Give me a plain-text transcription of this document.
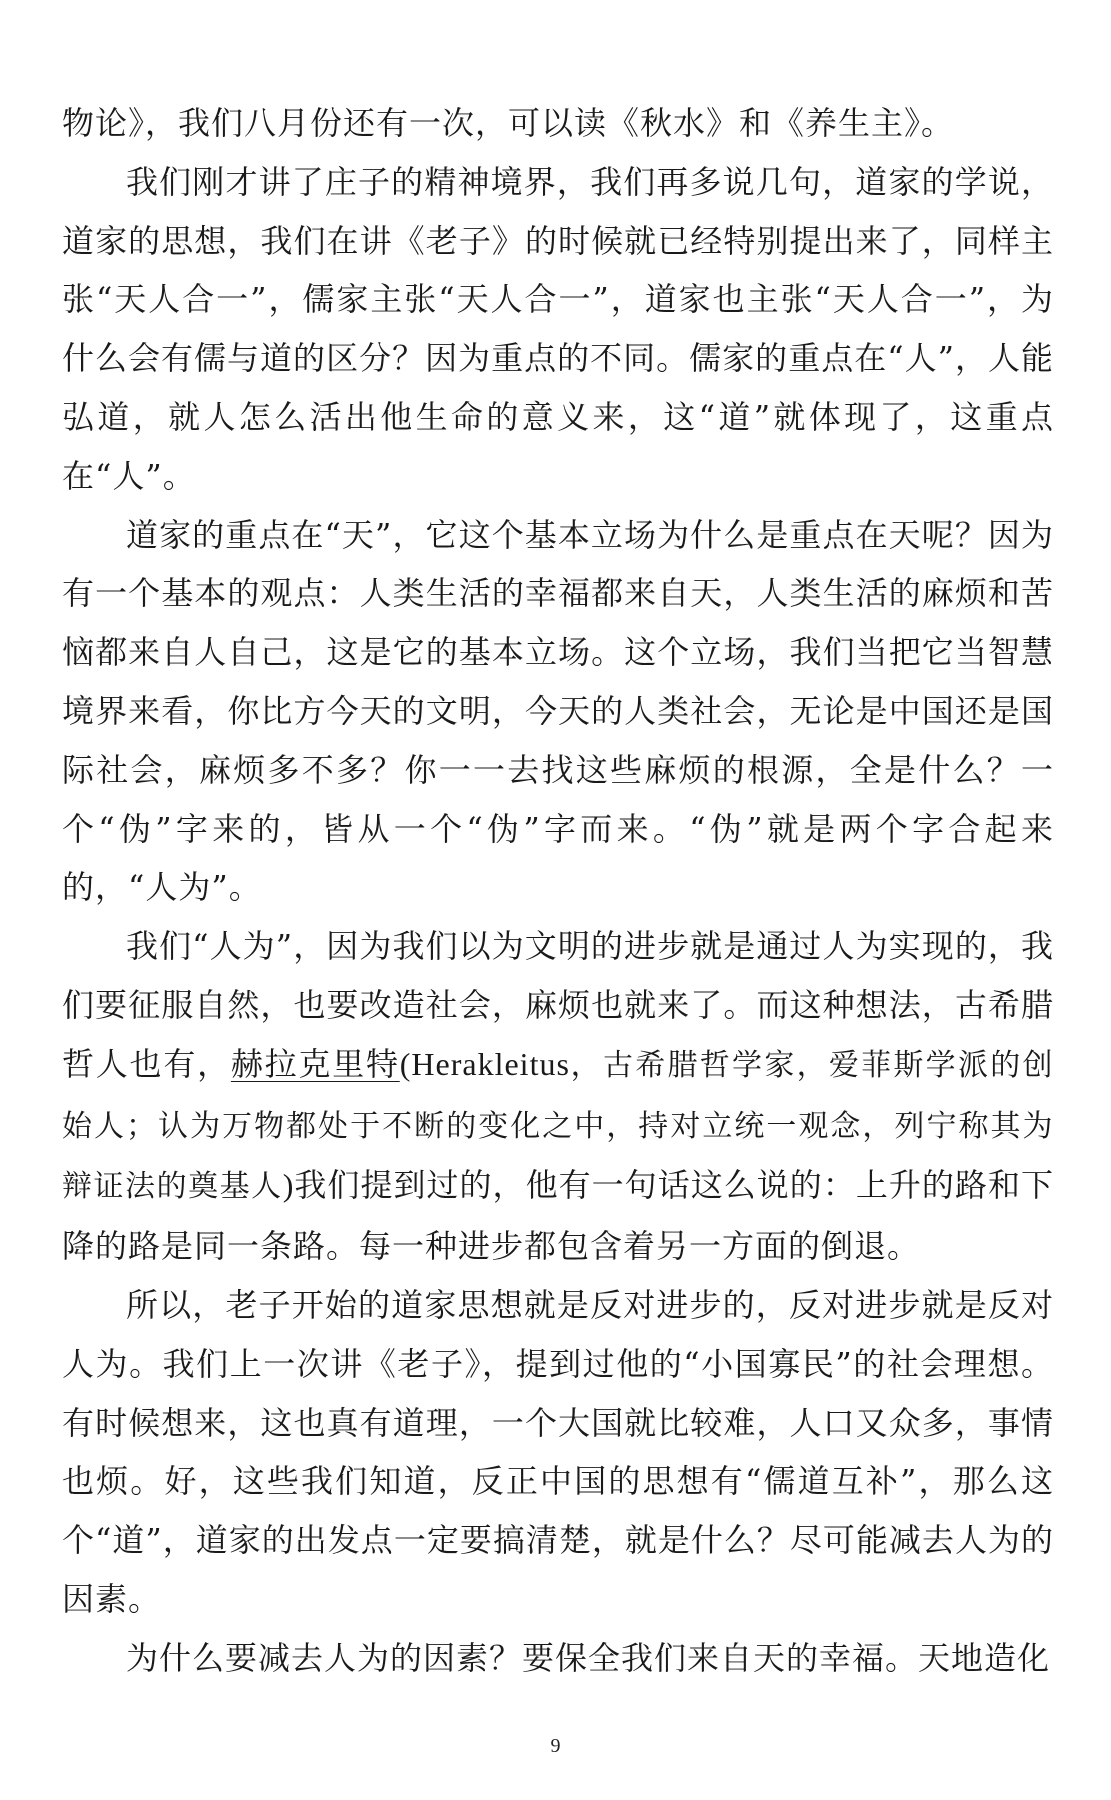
物论》，我们八月份还有一次，可以读《秋水》和《养生主》。

我们刚才讲了庄子的精神境界，我们再多说几句，道家的学说，道家的思想，我们在讲《老子》的时候就已经特别提出来了，同样主张“天人合一”，儒家主张“天人合一”，道家也主张“天人合一”，为什么会有儒与道的区分？因为重点的不同。儒家的重点在“人”，人能弘道，就人怎么活出他生命的意义来，这“道”就体现了，这重点在“人”。

道家的重点在“天”，它这个基本立场为什么是重点在天呢？因为有一个基本的观点：人类生活的幸福都来自天，人类生活的麻烦和苦恼都来自人自己，这是它的基本立场。这个立场，我们当把它当智慧境界来看，你比方今天的文明，今天的人类社会，无论是中国还是国际社会，麻烦多不多？你一一去找这些麻烦的根源，全是什么？一个“伪”字来的，皆从一个“伪”字而来。“伪”就是两个字合起来的，“人为”。

我们“人为”，因为我们以为文明的进步就是通过人为实现的，我们要征服自然，也要改造社会，麻烦也就来了。而这种想法，古希腊哲人也有，赫拉克里特(Herakleitus，古希腊哲学家，爱菲斯学派的创始人；认为万物都处于不断的变化之中，持对立统一观念，列宁称其为辩证法的奠基人)我们提到过的，他有一句话这么说的：上升的路和下降的路是同一条路。每一种进步都包含着另一方面的倒退。

所以，老子开始的道家思想就是反对进步的，反对进步就是反对人为。我们上一次讲《老子》，提到过他的“小国寡民”的社会理想。有时候想来，这也真有道理，一个大国就比较难，人口又众多，事情也烦。好，这些我们知道，反正中国的思想有“儒道互补”，那么这个“道”，道家的出发点一定要搞清楚，就是什么？尽可能减去人为的因素。

为什么要减去人为的因素？要保全我们来自天的幸福。天地造化

9
